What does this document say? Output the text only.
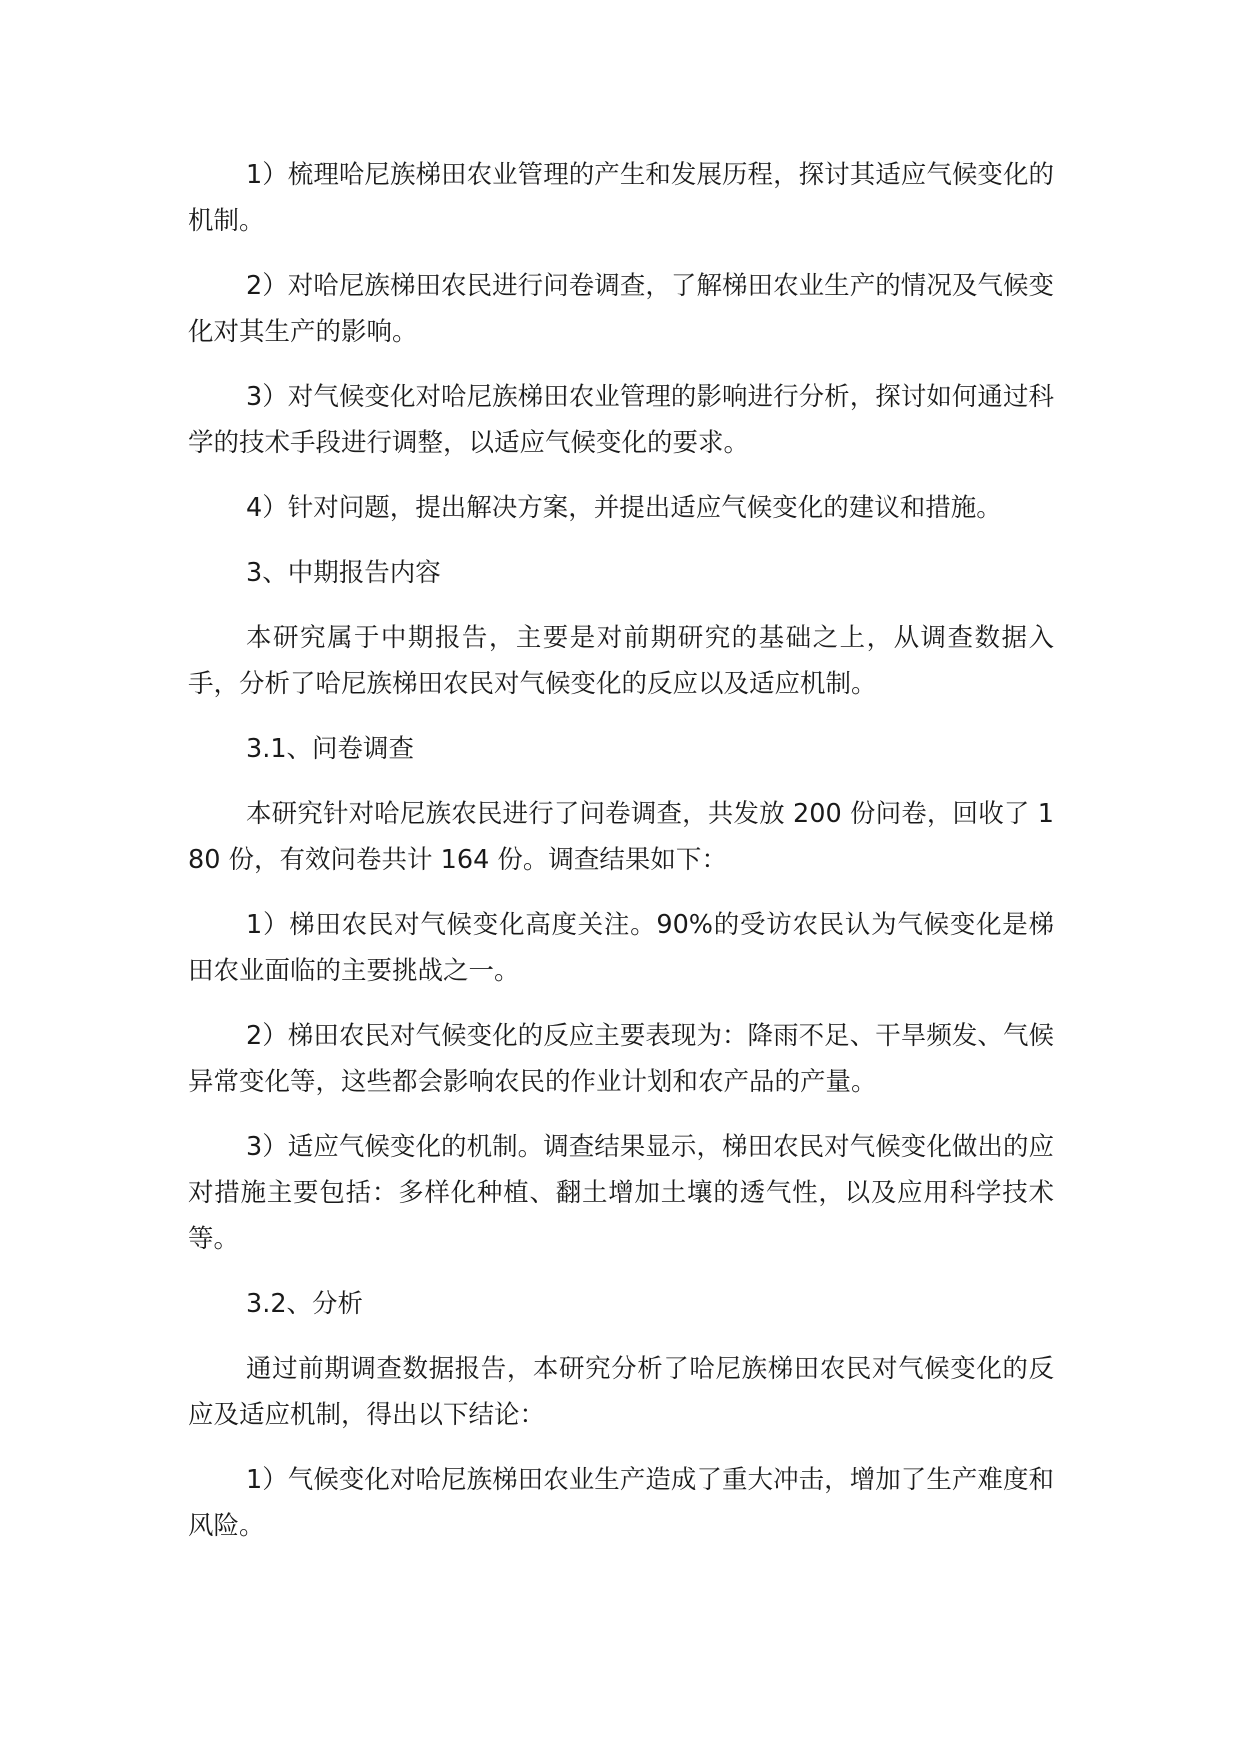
1）梳理哈尼族梯田农业管理的产生和发展历程，探讨其适应气候变化的机制。

2）对哈尼族梯田农民进行问卷调查，了解梯田农业生产的情况及气候变化对其生产的影响。

3）对气候变化对哈尼族梯田农业管理的影响进行分析，探讨如何通过科学的技术手段进行调整，以适应气候变化的要求。

4）针对问题，提出解决方案，并提出适应气候变化的建议和措施。

3、中期报告内容

本研究属于中期报告，主要是对前期研究的基础之上，从调查数据入手，分析了哈尼族梯田农民对气候变化的反应以及适应机制。

3.1、问卷调查

本研究针对哈尼族农民进行了问卷调查，共发放 200 份问卷，回收了 180 份，有效问卷共计 164 份。调查结果如下：

1）梯田农民对气候变化高度关注。90%的受访农民认为气候变化是梯田农业面临的主要挑战之一。

2）梯田农民对气候变化的反应主要表现为：降雨不足、干旱频发、气候异常变化等，这些都会影响农民的作业计划和农产品的产量。

3）适应气候变化的机制。调查结果显示，梯田农民对气候变化做出的应对措施主要包括：多样化种植、翻土增加土壤的透气性，以及应用科学技术等。

3.2、分析

通过前期调查数据报告，本研究分析了哈尼族梯田农民对气候变化的反应及适应机制，得出以下结论：

1）气候变化对哈尼族梯田农业生产造成了重大冲击，增加了生产难度和风险。
